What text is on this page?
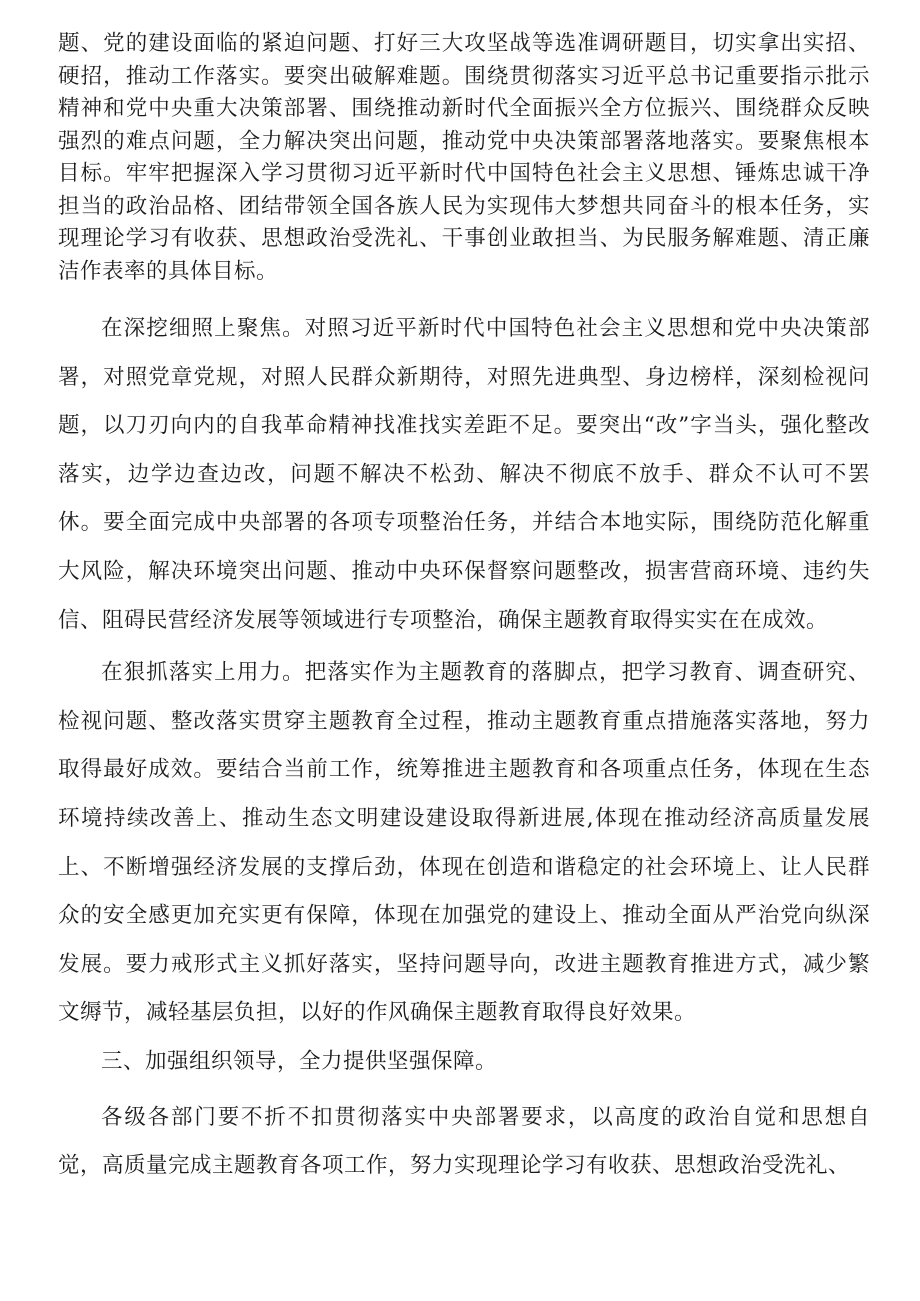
题、党的建设面临的紧迫问题、打好三大攻坚战等选准调研题目，切实拿出实招、硬招，推动工作落实。要突出破解难题。围绕贯彻落实习近平总书记重要指示批示精神和党中央重大决策部署、围绕推动新时代全面振兴全方位振兴、围绕群众反映强烈的难点问题，全力解决突出问题，推动党中央决策部署落地落实。要聚焦根本目标。牢牢把握深入学习贯彻习近平新时代中国特色社会主义思想、锤炼忠诚干净担当的政治品格、团结带领全国各族人民为实现伟大梦想共同奋斗的根本任务，实现理论学习有收获、思想政治受洗礼、干事创业敢担当、为民服务解难题、清正廉洁作表率的具体目标。

在深挖细照上聚焦。对照习近平新时代中国特色社会主义思想和党中央决策部署，对照党章党规，对照人民群众新期待，对照先进典型、身边榜样，深刻检视问题，以刀刃向内的自我革命精神找准找实差距不足。要突出“改”字当头，强化整改落实，边学边查边改，问题不解决不松劲、解决不彻底不放手、群众不认可不罢休。要全面完成中央部署的各项专项整治任务，并结合本地实际，围绕防范化解重大风险，解决环境突出问题、推动中央环保督察问题整改，损害营商环境、违约失信、阻碍民营经济发展等领域进行专项整治，确保主题教育取得实实在在成效。

在狠抓落实上用力。把落实作为主题教育的落脚点，把学习教育、调查研究、检视问题、整改落实贯穿主题教育全过程，推动主题教育重点措施落实落地，努力取得最好成效。要结合当前工作，统筹推进主题教育和各项重点任务，体现在生态环境持续改善上、推动生态文明建设建设取得新进展,体现在推动经济高质量发展上、不断增强经济发展的支撑后劲，体现在创造和谐稳定的社会环境上、让人民群众的安全感更加充实更有保障，体现在加强党的建设上、推动全面从严治党向纵深发展。要力戒形式主义抓好落实，坚持问题导向，改进主题教育推进方式，减少繁文缛节，减轻基层负担，以好的作风确保主题教育取得良好效果。

三、加强组织领导，全力提供坚强保障。

各级各部门要不折不扣贯彻落实中央部署要求，以高度的政治自觉和思想自觉，高质量完成主题教育各项工作，努力实现理论学习有收获、思想政治受洗礼、
